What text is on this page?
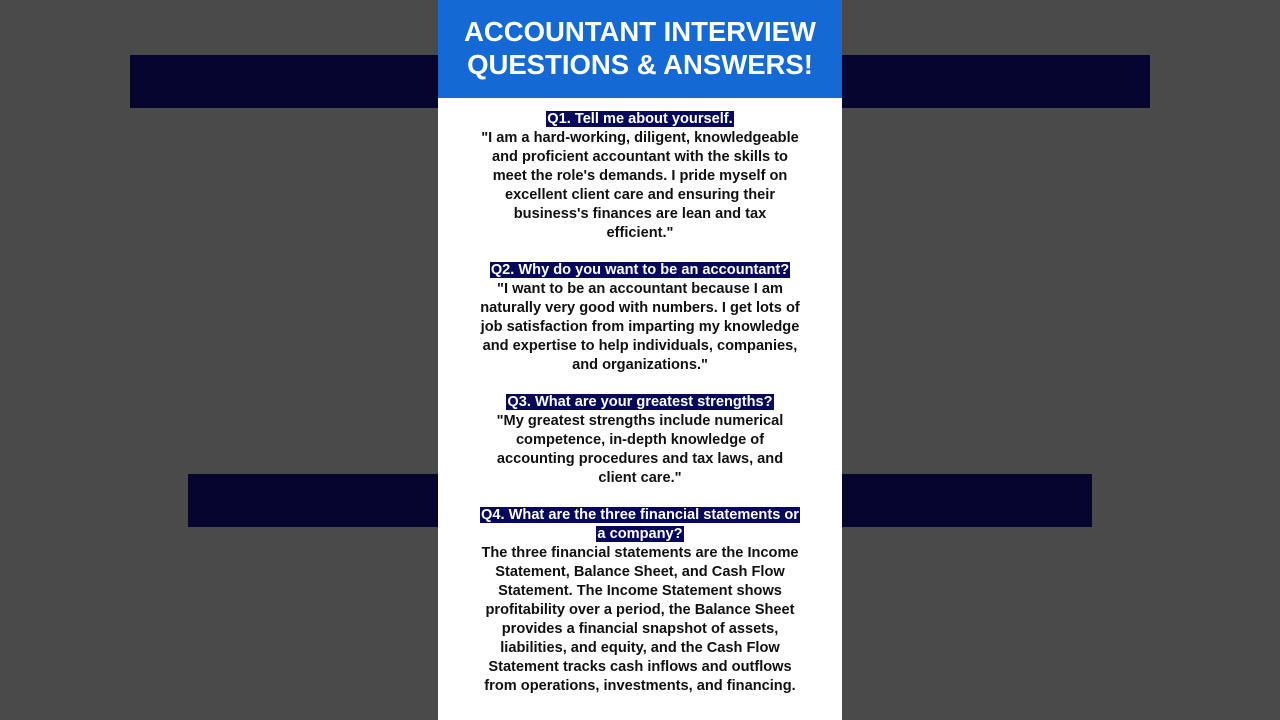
ACCOUNTANT INTERVIEW
QUESTIONS & ANSWERS!
Q1. Tell me about yourself.
"I am a hard-working, diligent, knowledgeable
and proficient accountant with the skills to
meet the role's demands. I pride myself on
excellent client care and ensuring their
business's finances are lean and tax
efficient."
Q2. Why do you want to be an accountant?
"I want to be an accountant because I am
naturally very good with numbers. I get lots of
job satisfaction from imparting my knowledge
and expertise to help individuals, companies,
and organizations."
Q3. What are your greatest strengths?
"My greatest strengths include numerical
competence, in-depth knowledge of
accounting procedures and tax laws, and
client care."
Q4. What are the three financial statements or
a company?
The three financial statements are the Income
Statement, Balance Sheet, and Cash Flow
Statement. The Income Statement shows
profitability over a period, the Balance Sheet
provides a financial snapshot of assets,
liabilities, and equity, and the Cash Flow
Statement tracks cash inflows and outflows
from operations, investments, and financing.
